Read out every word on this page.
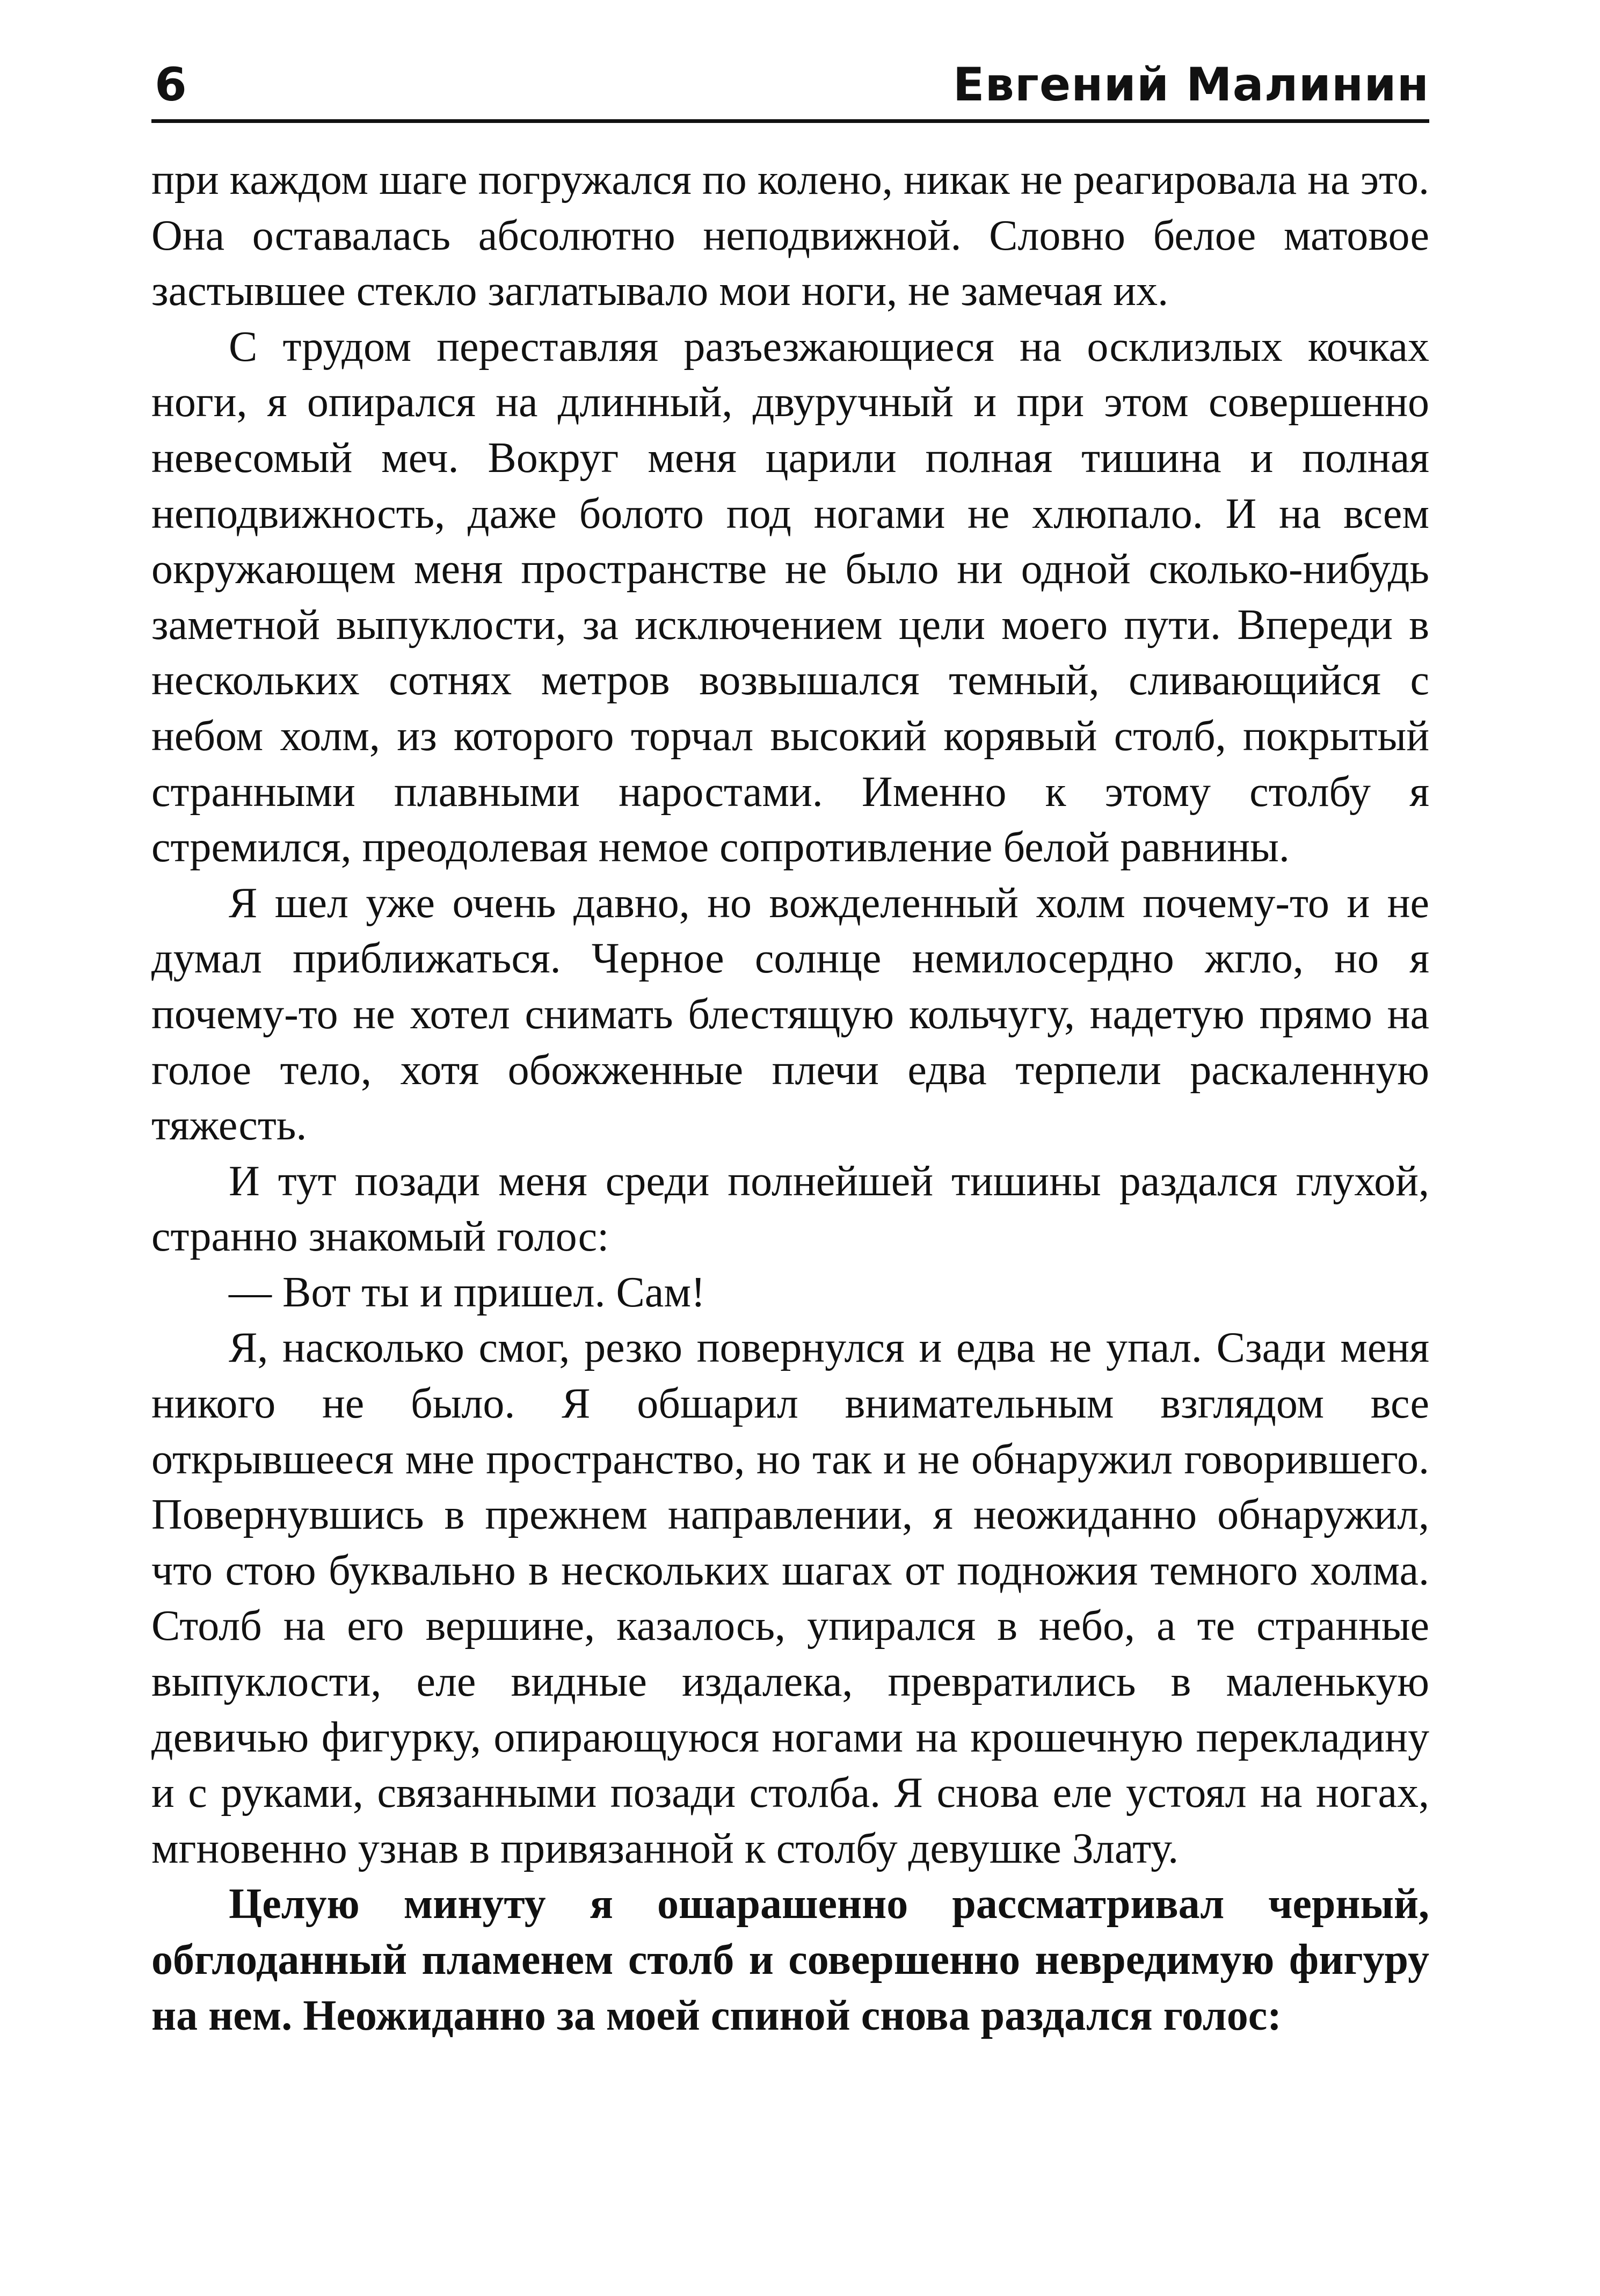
6	Евгений Малинин

при каждом шаге погружался по колено, никак не реагировала на это. Она оставалась абсолютно неподвижной. Словно белое матовое застывшее стекло заглатывало мои ноги, не замечая их.

С трудом переставляя разъезжающиеся на осклизлых кочках ноги, я опирался на длинный, двуручный и при этом совершенно невесомый меч. Вокруг меня царили полная тишина и полная неподвижность, даже болото под ногами не хлюпало. И на всем окружающем меня пространстве не было ни одной сколько-нибудь заметной выпуклости, за исключением цели моего пути. Впереди в нескольких сотнях метров возвышался темный, сливающийся с небом холм, из которого торчал высокий корявый столб, покрытый странными плавными наростами. Именно к этому столбу я стремился, преодолевая немое сопротивление белой равнины.

Я шел уже очень давно, но вожделенный холм почему-то и не думал приближаться. Черное солнце немилосердно жгло, но я почему-то не хотел снимать блестящую кольчугу, надетую прямо на голое тело, хотя обожженные плечи едва терпели раскаленную тяжесть.

И тут позади меня среди полнейшей тишины раздался глухой, странно знакомый голос:

— Вот ты и пришел. Сам!

Я, насколько смог, резко повернулся и едва не упал. Сзади меня никого не было. Я обшарил внимательным взглядом все открывшееся мне пространство, но так и не обнаружил говорившего. Повернувшись в прежнем направлении, я неожиданно обнаружил, что стою буквально в нескольких шагах от подножия темного холма. Столб на его вершине, казалось, упирался в небо, а те странные выпуклости, еле видные издалека, превратились в маленькую девичью фигурку, опирающуюся ногами на крошечную перекладину и с руками, связанными позади столба. Я снова еле устоял на ногах, мгновенно узнав в привязанной к столбу девушке Злату.

Целую минуту я ошарашенно рассматривал черный, обглоданный пламенем столб и совершенно невредимую фигуру на нем. Неожиданно за моей спиной снова раздался голос:
